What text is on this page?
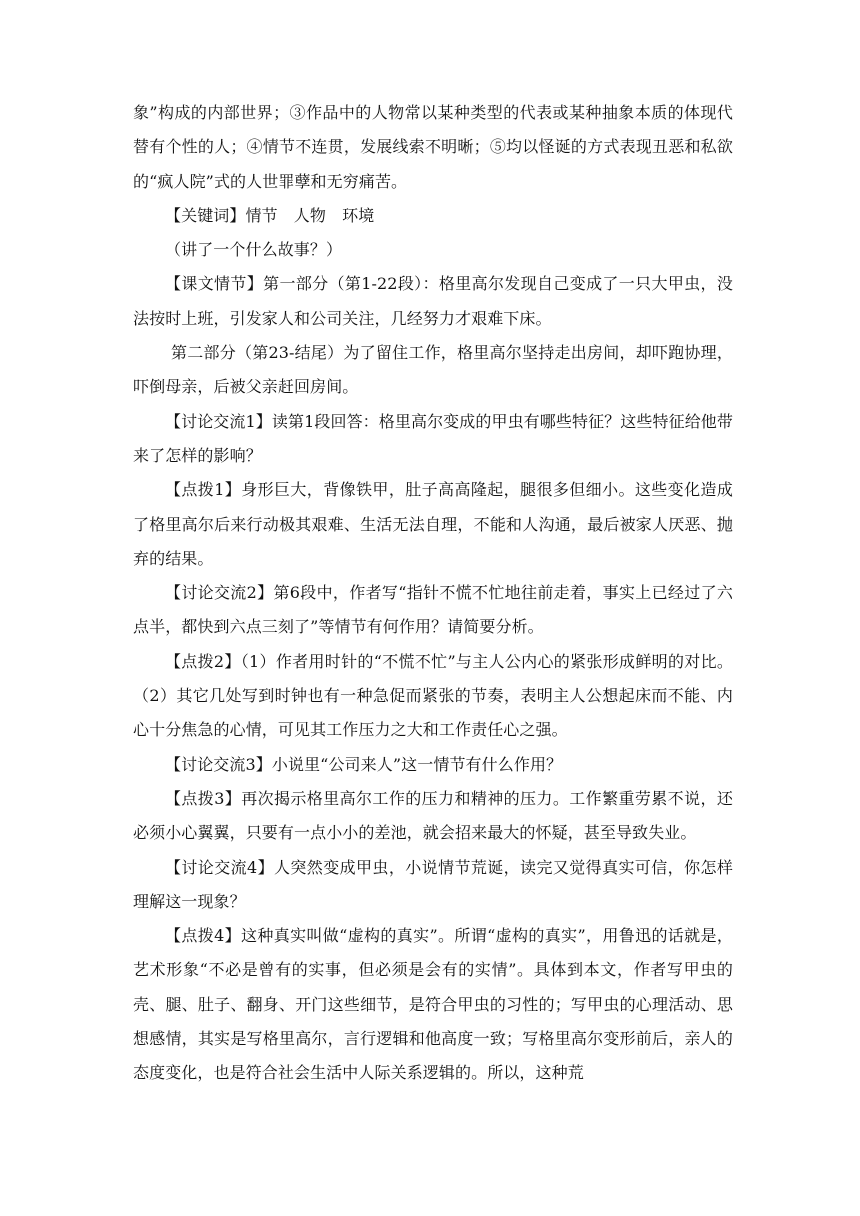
象”构成的内部世界；③作品中的人物常以某种类型的代表或某种抽象本质的体现代替有个性的人；④情节不连贯，发展线索不明晰；⑤均以怪诞的方式表现丑恶和私欲的“疯人院”式的人世罪孽和无穷痛苦。

【关键词】情节　人物　环境

（讲了一个什么故事？）

【课文情节】第一部分（第1-22段）：格里高尔发现自己变成了一只大甲虫，没法按时上班，引发家人和公司关注，几经努力才艰难下床。

第二部分（第23-结尾）为了留住工作，格里高尔坚持走出房间，却吓跑协理，吓倒母亲，后被父亲赶回房间。

【讨论交流1】读第1段回答：格里高尔变成的甲虫有哪些特征？这些特征给他带来了怎样的影响？

【点拨1】身形巨大，背像铁甲，肚子高高隆起，腿很多但细小。这些变化造成了格里高尔后来行动极其艰难、生活无法自理，不能和人沟通，最后被家人厌恶、抛弃的结果。

【讨论交流2】第6段中，作者写“指针不慌不忙地往前走着，事实上已经过了六点半，都快到六点三刻了”等情节有何作用？请简要分析。

【点拨2】（1）作者用时针的“不慌不忙”与主人公内心的紧张形成鲜明的对比。（2）其它几处写到时钟也有一种急促而紧张的节奏，表明主人公想起床而不能、内心十分焦急的心情，可见其工作压力之大和工作责任心之强。

【讨论交流3】小说里“公司来人”这一情节有什么作用？

【点拨3】再次揭示格里高尔工作的压力和精神的压力。工作繁重劳累不说，还必须小心翼翼，只要有一点小小的差池，就会招来最大的怀疑，甚至导致失业。

【讨论交流4】人突然变成甲虫，小说情节荒诞，读完又觉得真实可信，你怎样理解这一现象？

【点拨4】这种真实叫做“虚构的真实”。所谓“虚构的真实”，用鲁迅的话就是，艺术形象“不必是曾有的实事，但必须是会有的实情”。具体到本文，作者写甲虫的壳、腿、肚子、翻身、开门这些细节，是符合甲虫的习性的；写甲虫的心理活动、思想感情，其实是写格里高尔，言行逻辑和他高度一致；写格里高尔变形前后，亲人的态度变化，也是符合社会生活中人际关系逻辑的。所以，这种荒
